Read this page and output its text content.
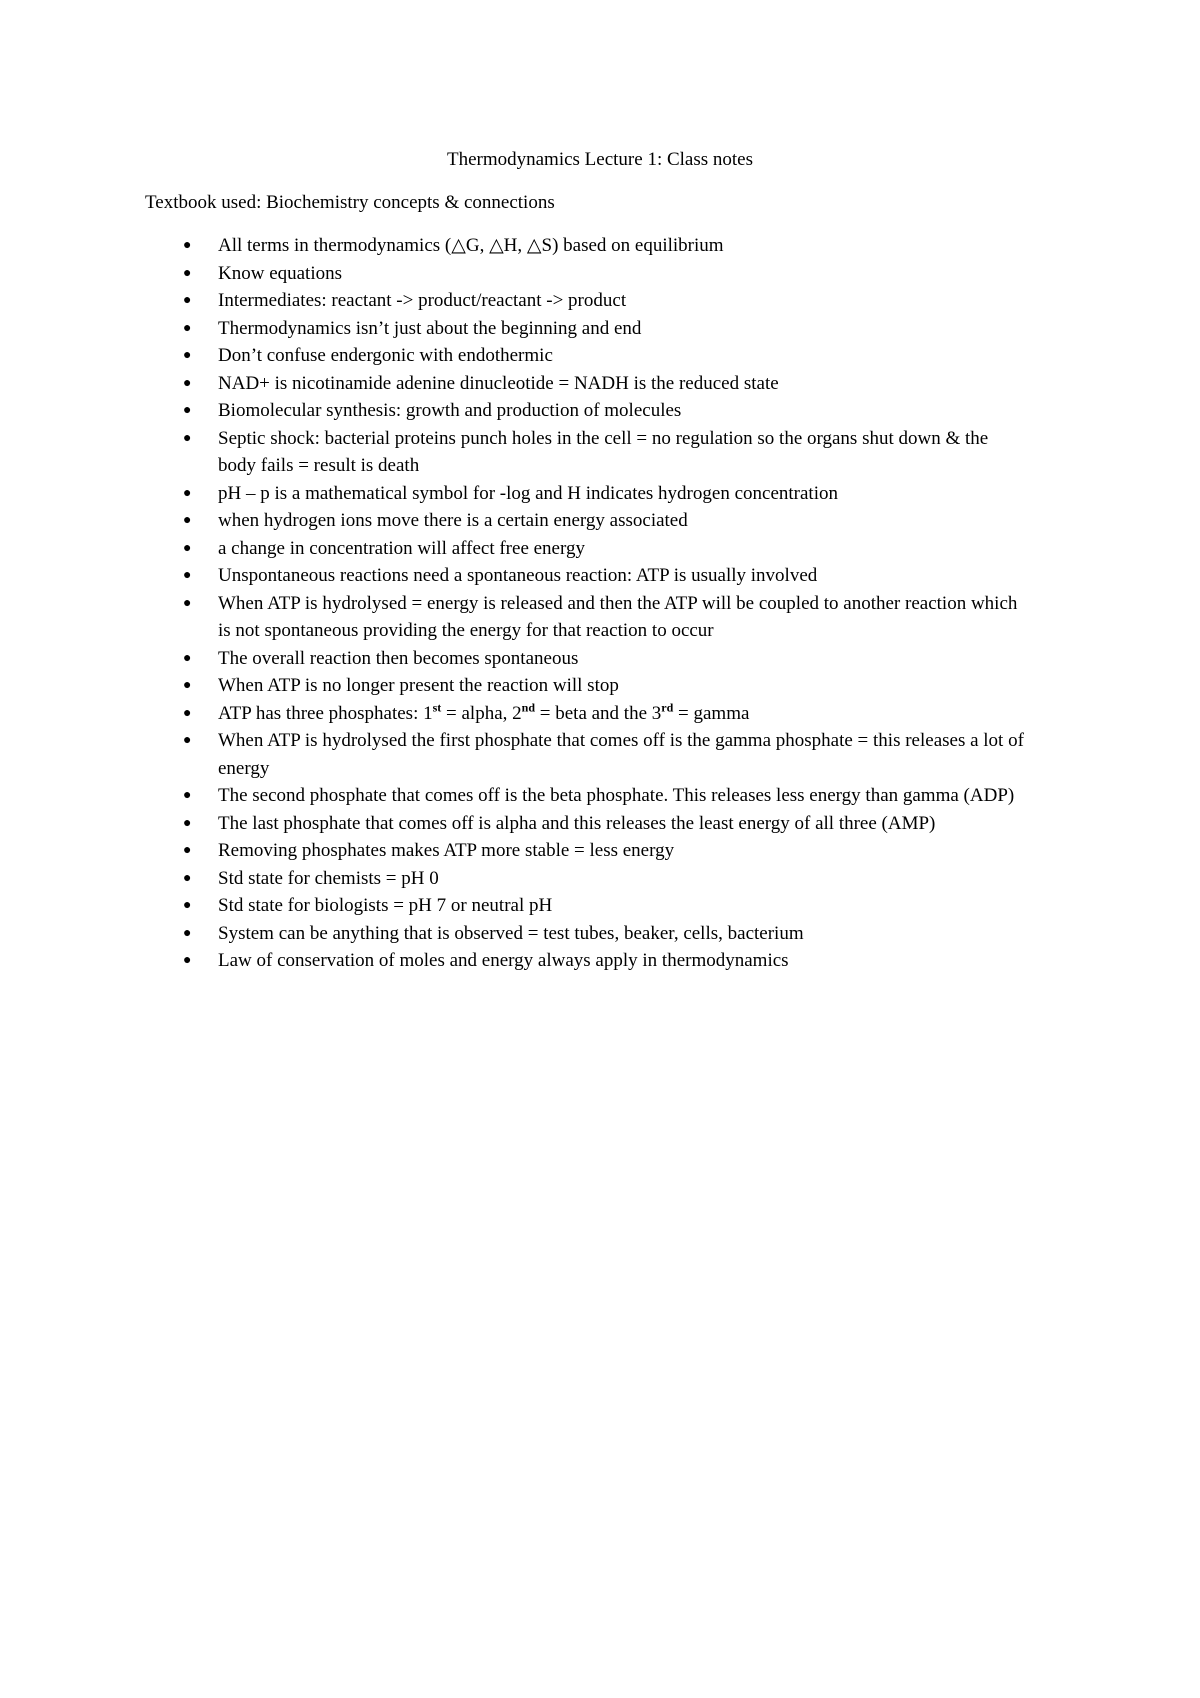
Thermodynamics Lecture 1: Class notes

Textbook used: Biochemistry concepts & connections

● All terms in thermodynamics (△G, △H, △S) based on equilibrium
● Know equations
● Intermediates: reactant -> product/reactant -> product
● Thermodynamics isn’t just about the beginning and end
● Don’t confuse endergonic with endothermic
● NAD+ is nicotinamide adenine dinucleotide = NADH is the reduced state
● Biomolecular synthesis: growth and production of molecules
● Septic shock: bacterial proteins punch holes in the cell = no regulation so the organs shut down & the body fails = result is death
● pH – p is a mathematical symbol for -log and H indicates hydrogen concentration
● when hydrogen ions move there is a certain energy associated
● a change in concentration will affect free energy
● Unspontaneous reactions need a spontaneous reaction: ATP is usually involved
● When ATP is hydrolysed = energy is released and then the ATP will be coupled to another reaction which is not spontaneous providing the energy for that reaction to occur
● The overall reaction then becomes spontaneous
● When ATP is no longer present the reaction will stop
● ATP has three phosphates: 1st = alpha, 2nd = beta and the 3rd = gamma
● When ATP is hydrolysed the first phosphate that comes off is the gamma phosphate = this releases a lot of energy
● The second phosphate that comes off is the beta phosphate. This releases less energy than gamma (ADP)
● The last phosphate that comes off is alpha and this releases the least energy of all three (AMP)
● Removing phosphates makes ATP more stable = less energy
● Std state for chemists = pH 0
● Std state for biologists = pH 7 or neutral pH
● System can be anything that is observed = test tubes, beaker, cells, bacterium
● Law of conservation of moles and energy always apply in thermodynamics
